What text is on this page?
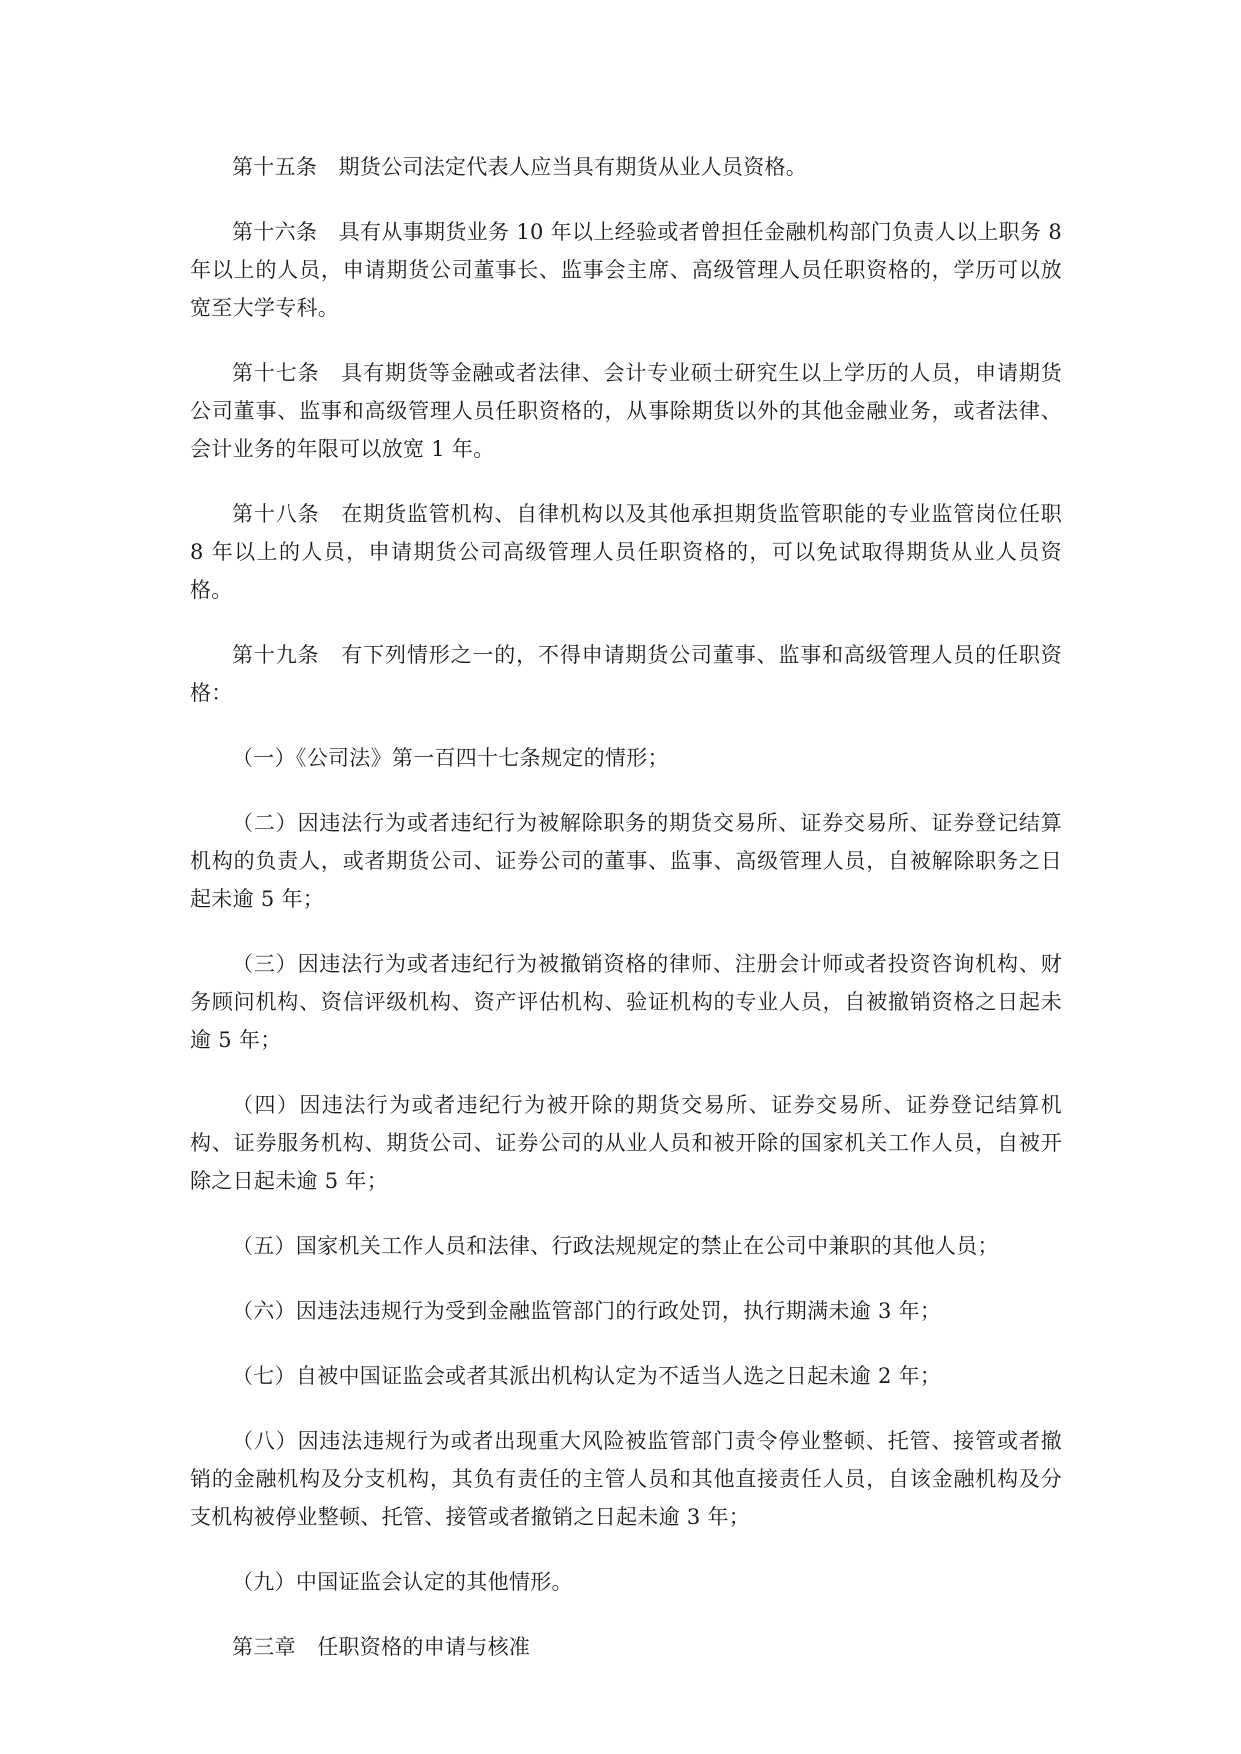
第十五条　期货公司法定代表人应当具有期货从业人员资格。

第十六条　具有从事期货业务 10 年以上经验或者曾担任金融机构部门负责人以上职务 8 年以上的人员，申请期货公司董事长、监事会主席、高级管理人员任职资格的，学历可以放宽至大学专科。

第十七条　具有期货等金融或者法律、会计专业硕士研究生以上学历的人员，申请期货公司董事、监事和高级管理人员任职资格的，从事除期货以外的其他金融业务，或者法律、会计业务的年限可以放宽 1 年。

第十八条　在期货监管机构、自律机构以及其他承担期货监管职能的专业监管岗位任职 8 年以上的人员，申请期货公司高级管理人员任职资格的，可以免试取得期货从业人员资格。

第十九条　有下列情形之一的，不得申请期货公司董事、监事和高级管理人员的任职资格：

（一）《公司法》第一百四十七条规定的情形；

（二）因违法行为或者违纪行为被解除职务的期货交易所、证券交易所、证券登记结算机构的负责人，或者期货公司、证券公司的董事、监事、高级管理人员，自被解除职务之日起未逾 5 年；

（三）因违法行为或者违纪行为被撤销资格的律师、注册会计师或者投资咨询机构、财务顾问机构、资信评级机构、资产评估机构、验证机构的专业人员，自被撤销资格之日起未逾 5 年；

（四）因违法行为或者违纪行为被开除的期货交易所、证券交易所、证券登记结算机构、证券服务机构、期货公司、证券公司的从业人员和被开除的国家机关工作人员，自被开除之日起未逾 5 年；

（五）国家机关工作人员和法律、行政法规规定的禁止在公司中兼职的其他人员；

（六）因违法违规行为受到金融监管部门的行政处罚，执行期满未逾 3 年；

（七）自被中国证监会或者其派出机构认定为不适当人选之日起未逾 2 年；

（八）因违法违规行为或者出现重大风险被监管部门责令停业整顿、托管、接管或者撤销的金融机构及分支机构，其负有责任的主管人员和其他直接责任人员，自该金融机构及分支机构被停业整顿、托管、接管或者撤销之日起未逾 3 年；

（九）中国证监会认定的其他情形。

第三章　任职资格的申请与核准
